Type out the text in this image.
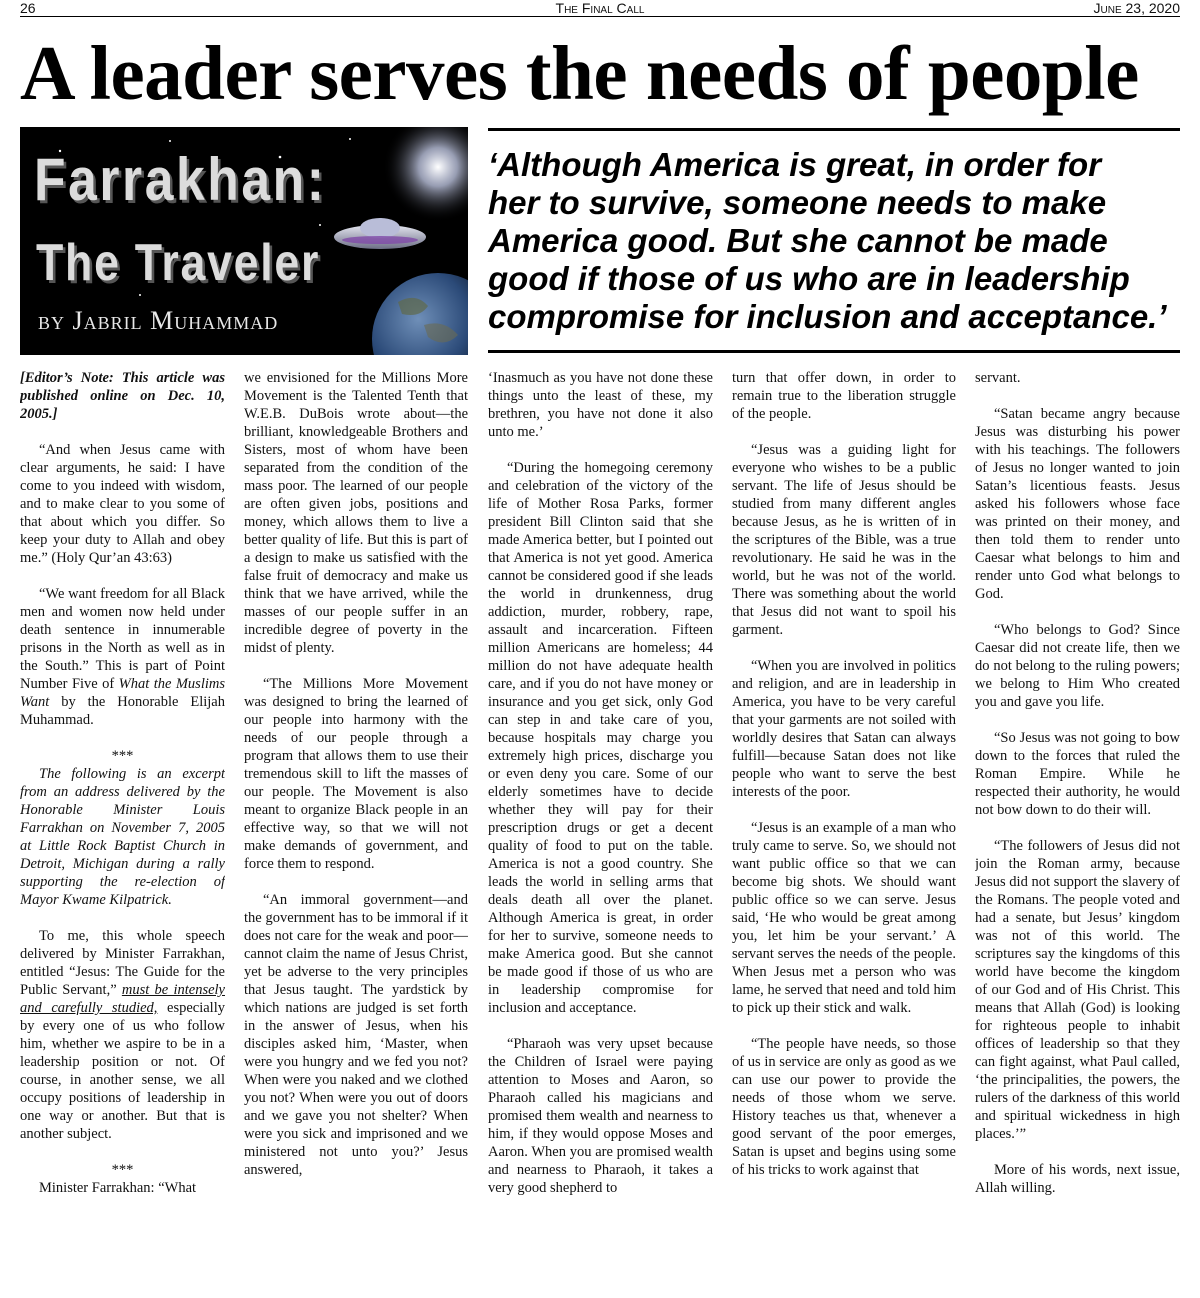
26	The Final Call	June 23, 2020
A leader serves the needs of people
Farrakhan:
The Traveler
by Jabril Muhammad
‘Although America is great, in order for
her to survive, someone needs to make
America good. But she cannot be made
good if those of us who are in leadership
compromise for inclusion and acceptance.’

[Editor’s Note: This article was published online on Dec. 10, 2005.]

“And when Jesus came with clear arguments, he said: I have come to you indeed with wisdom, and to make clear to you some of that about which you differ. So keep your duty to Allah and obey me.” (Holy Qur’an 43:63)

“We want freedom for all Black men and women now held under death sentence in innumerable prisons in the North as well as in the South.” This is part of Point Number Five of What the Muslims Want by the Honorable Elijah Muhammad.

***

The following is an excerpt from an address delivered by the Honorable Minister Louis Farrakhan on November 7, 2005 at Little Rock Baptist Church in Detroit, Michigan during a rally supporting the re-election of Mayor Kwame Kilpatrick.

To me, this whole speech delivered by Minister Farrakhan, entitled “Jesus: The Guide for the Public Servant,” must be intensely and carefully studied, especially by every one of us who follow him, whether we aspire to be in a leadership position or not. Of course, in another sense, we all occupy positions of leadership in one way or another. But that is another subject.

***

Minister Farrakhan: “What

we envisioned for the Millions More Movement is the Talented Tenth that W.E.B. DuBois wrote about—the brilliant, knowledgeable Brothers and Sisters, most of whom have been separated from the condition of the mass poor. The learned of our people are often given jobs, positions and money, which allows them to live a better quality of life. But this is part of a design to make us satisfied with the false fruit of democracy and make us think that we have arrived, while the masses of our people suffer in an incredible degree of poverty in the midst of plenty.

“The Millions More Movement was designed to bring the learned of our people into harmony with the needs of our people through a program that allows them to use their tremendous skill to lift the masses of our people. The Movement is also meant to organize Black people in an effective way, so that we will not make demands of government, and force them to respond.

“An immoral government—and the government has to be immoral if it does not care for the weak and poor—cannot claim the name of Jesus Christ, yet be adverse to the very principles that Jesus taught. The yardstick by which nations are judged is set forth in the answer of Jesus, when his disciples asked him, ‘Master, when were you hungry and we fed you not? When were you naked and we clothed you not? When were you out of doors and we gave you not shelter? When were you sick and imprisoned and we ministered not unto you?’ Jesus answered,

‘Inasmuch as you have not done these things unto the least of these, my brethren, you have not done it also unto me.’

“During the homegoing ceremony and celebration of the victory of the life of Mother Rosa Parks, former president Bill Clinton said that she made America better, but I pointed out that America is not yet good. America cannot be considered good if she leads the world in drunkenness, drug addiction, murder, robbery, rape, assault and incarceration. Fifteen million Americans are homeless; 44 million do not have adequate health care, and if you do not have money or insurance and you get sick, only God can step in and take care of you, because hospitals may charge you extremely high prices, discharge you or even deny you care. Some of our elderly sometimes have to decide whether they will pay for their prescription drugs or get a decent quality of food to put on the table. America is not a good country. She leads the world in selling arms that deals death all over the planet. Although America is great, in order for her to survive, someone needs to make America good. But she cannot be made good if those of us who are in leadership compromise for inclusion and acceptance.

“Pharaoh was very upset because the Children of Israel were paying attention to Moses and Aaron, so Pharaoh called his magicians and promised them wealth and nearness to him, if they would oppose Moses and Aaron. When you are promised wealth and nearness to Pharaoh, it takes a very good shepherd to

turn that offer down, in order to remain true to the liberation struggle of the people.

“Jesus was a guiding light for everyone who wishes to be a public servant. The life of Jesus should be studied from many different angles because Jesus, as he is written of in the scriptures of the Bible, was a true revolutionary. He said he was in the world, but he was not of the world. There was something about the world that Jesus did not want to spoil his garment.

“When you are involved in politics and religion, and are in leadership in America, you have to be very careful that your garments are not soiled with worldly desires that Satan can always fulfill—because Satan does not like people who want to serve the best interests of the poor.

“Jesus is an example of a man who truly came to serve. So, we should not want public office so that we can become big shots. We should want public office so we can serve. Jesus said, ‘He who would be great among you, let him be your servant.’ A servant serves the needs of the people. When Jesus met a person who was lame, he served that need and told him to pick up their stick and walk.

“The people have needs, so those of us in service are only as good as we can use our power to provide the needs of those whom we serve. History teaches us that, whenever a good servant of the poor emerges, Satan is upset and begins using some of his tricks to work against that

servant.

“Satan became angry because Jesus was disturbing his power with his teachings. The followers of Jesus no longer wanted to join Satan’s licentious feasts. Jesus asked his followers whose face was printed on their money, and then told them to render unto Caesar what belongs to him and render unto God what belongs to God.

“Who belongs to God? Since Caesar did not create life, then we do not belong to the ruling powers; we belong to Him Who created you and gave you life.

“So Jesus was not going to bow down to the forces that ruled the Roman Empire. While he respected their authority, he would not bow down to do their will.

“The followers of Jesus did not join the Roman army, because Jesus did not support the slavery of the Romans. The people voted and had a senate, but Jesus’ kingdom was not of this world. The scriptures say the kingdoms of this world have become the kingdom of our God and of His Christ. This means that Allah (God) is looking for righteous people to inhabit offices of leadership so that they can fight against, what Paul called, ‘the principalities, the powers, the rulers of the darkness of this world and spiritual wickedness in high places.’”

More of his words, next issue, Allah willing.
